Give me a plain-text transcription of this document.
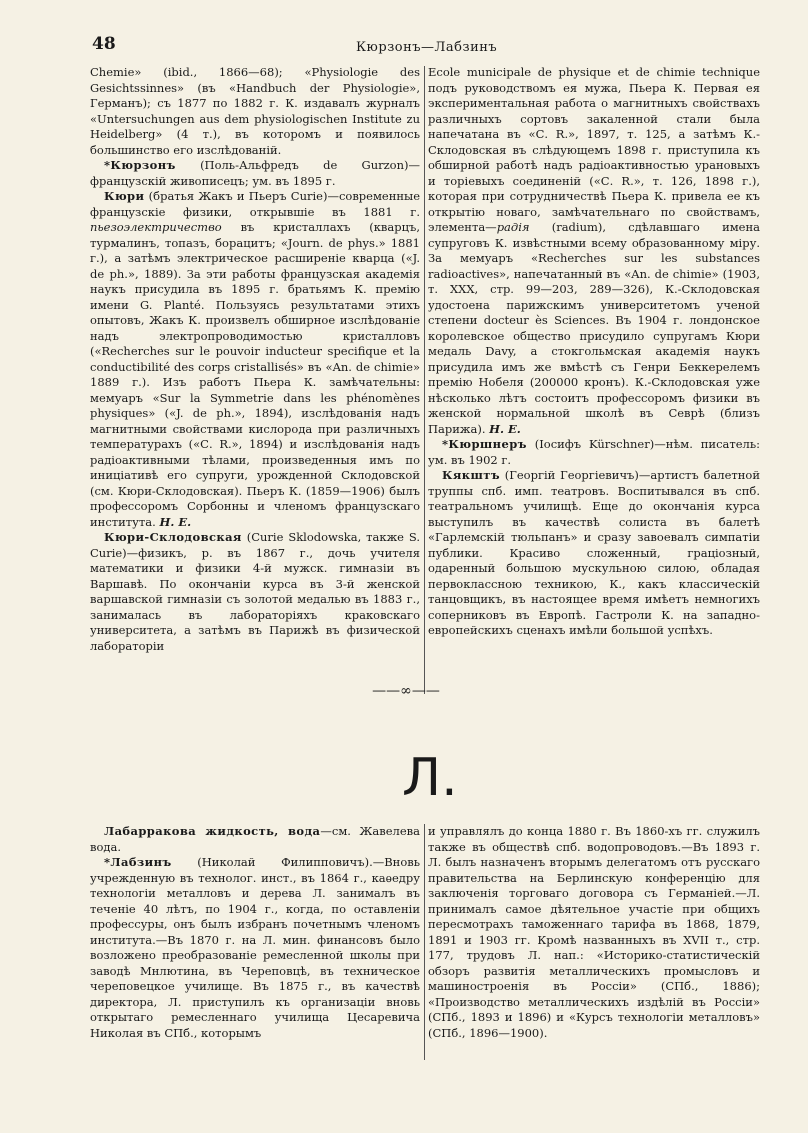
48	Кюрзонъ—Лабзинъ

Chemie» (ibid., 1866—68); «Physiologie des Gesichtssinnes» (въ «Handbuch der Physiologie», Германъ); съ 1877 по 1882 г. К. издавалъ журналъ «Untersuchungen aus dem physiologischen Institute zu Heidelberg» (4 т.), въ которомъ и появилось большинство его изслѣдованій.

*Кюрзонъ (Поль-Альфредъ de Gurzon)—французскій живописецъ; ум. въ 1895 г.

Кюри (братья Жакъ и Пьеръ Curie)—современные французскіе физики, открывшіе въ 1881 г. пьезоэлектричество въ кристаллахъ (кварцъ, турмалинъ, топазъ, борацитъ; «Journ. de phys.» 1881 г.), а затѣмъ электрическое расширеніе кварца («J. de ph.», 1889). За эти работы французская академія наукъ присудила въ 1895 г. братьямъ К. премію имени G. Planté. Пользуясь результатами этихъ опытовъ, Жакъ К. произвелъ обширное изслѣдованіе надъ электропроводимостью кристалловъ («Recherches sur le pouvoir inducteur specifique et la conductibilité des corps cristallisés» въ «An. de chimie» 1889 г.). Изъ работъ Пьера К. замѣчательны: мемуаръ «Sur la Symmetrie dans les phénomènes physiques» («J. de ph.», 1894), изслѣдованія надъ магнитными свойствами кислорода при различныхъ температурахъ («С. R.», 1894) и изслѣдованія надъ радіоактивными тѣлами, произведенныя имъ по иниціативѣ его супруги, урожденной Склодовской (см. Кюри-Склодовская). Пьеръ К. (1859—1906) былъ профессоромъ Сорбонны и членомъ французскаго института. Н. Е.

Кюри-Склодовская (Curie Sklodowska, также S. Curie)—физикъ, р. въ 1867 г., дочь учителя математики и физики 4-й мужск. гимназіи въ Варшавѣ. По окончаніи курса въ 3-й женской варшавской гимназіи съ золотой медалью въ 1883 г., занималась въ лабораторіяхъ краковскаго университета, а затѣмъ въ Парижѣ въ физической лабораторіи

Ecole municipale de physique et de chimie technique подъ руководствомъ ея мужа, Пьера К. Первая ея экспериментальная работа о магнитныхъ свойствахъ различныхъ сортовъ закаленной стали была напечатана въ «С. R.», 1897, т. 125, а затѣмъ К.-Склодовская въ слѣдующемъ 1898 г. приступила къ обширной работѣ надъ радіоактивностью урановыхъ и торіевыхъ соединеній («С. R.», т. 126, 1898 г.), которая при сотрудничествѣ Пьера К. привела ее къ открытію новаго, замѣчательнаго по свойствамъ, элемента—радія (radium), сдѣлавшаго имена супруговъ К. извѣстными всему образованному міру. За мемуаръ «Recherches sur les substances radioactives», напечатанный въ «An. de chimie» (1903, т. XXX, стр. 99—203, 289—326), К.-Склодовская удостоена парижскимъ университетомъ ученой степени docteur ès Sciences. Въ 1904 г. лондонское королевское общество присудило супругамъ Кюри медаль Davy, а стокгольмская академія наукъ присудила имъ же вмѣстѣ съ Генри Беккерелемъ премію Нобеля (200000 кронъ). К.-Склодовская уже нѣсколько лѣтъ состоитъ профессоромъ физики въ женской нормальной школѣ въ Севрѣ (близъ Парижа). Н. Е.

*Кюршнеръ (Іосифъ Kürschner)—нѣм. писатель: ум. въ 1902 г.

Кякштъ (Георгій Георгіевичъ)—артистъ балетной труппы спб. имп. театровъ. Воспитывался въ спб. театральномъ училищѣ. Еще до окончанія курса выступилъ въ качествѣ солиста въ балетѣ «Гарлемскій тюльпанъ» и сразу завоевалъ симпатіи публики. Красиво сложенный, граціозный, одаренный большою мускульною силою, обладая первоклассною техникою, К., какъ классическій танцовщикъ, въ настоящее время имѣетъ немногихъ соперниковъ въ Европѣ. Гастроли К. на западно-европейскихъ сценахъ имѣли большой успѣхъ.

——∞——
Л.

Лабарракова жидкость, вода—см. Жавелева вода.

*Лабзинъ (Николай Филипповичъ).—Вновь учрежденную въ технолог. инст., въ 1864 г., каѳедру технологіи металловъ и дерева Л. занималъ въ теченіе 40 лѣтъ, по 1904 г., когда, по оставленіи профессуры, онъ былъ избранъ почетнымъ членомъ института.—Въ 1870 г. на Л. мин. финансовъ было возложено преобразованіе ремесленной школы при заводѣ Мнлютина, въ Череповцѣ, въ техническое череповецкое училище. Въ 1875 г., въ качествѣ директора, Л. приступилъ къ организаціи вновь открытаго ремесленнаго училища Цесаревича Николая въ СПб., которымъ

и управлялъ до конца 1880 г. Въ 1860-хъ гг. служилъ также въ обществѣ спб. водопроводовъ.—Въ 1893 г. Л. былъ назначенъ вторымъ делегатомъ отъ русскаго правительства на Берлинскую конференцію для заключенія торговаго договора съ Германіей.—Л. принималъ самое дѣятельное участіе при общихъ пересмотрахъ таможеннаго тарифа въ 1868, 1879, 1891 и 1903 гг. Кромѣ названныхъ въ XVII т., стр. 177, трудовъ Л. нап.: «Историко-статистическій обзоръ развитія металлическихъ промысловъ и машиностроенія въ Россіи» (СПб., 1886); «Производство металлическихъ издѣлій въ Россіи» (СПб., 1893 и 1896) и «Курсъ технологіи металловъ» (СПб., 1896—1900).
